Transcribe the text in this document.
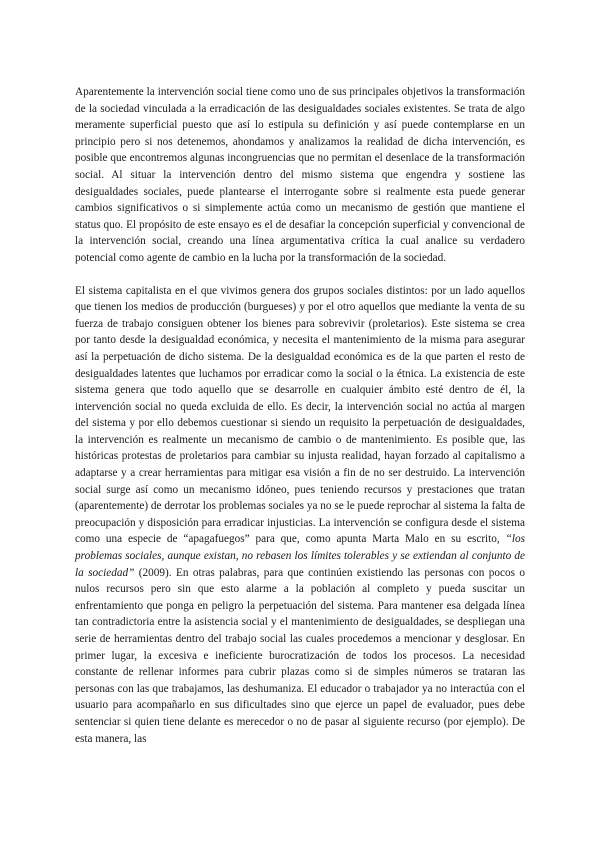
Aparentemente la intervención social tiene como uno de sus principales objetivos la transformación de la sociedad vinculada a la erradicación de las desigualdades sociales existentes. Se trata de algo meramente superficial puesto que así lo estipula su definición y así puede contemplarse en un principio pero si nos detenemos, ahondamos y analizamos la realidad de dicha intervención, es posible que encontremos algunas incongruencias que no permitan el desenlace de la transformación social. Al situar la intervención dentro del mismo sistema que engendra y sostiene las desigualdades sociales, puede plantearse el interrogante sobre si realmente esta puede generar cambios significativos o si simplemente actúa como un mecanismo de gestión que mantiene el status quo. El propósito de este ensayo es el de desafiar la concepción superficial y convencional de la intervención social, creando una línea argumentativa crítica la cual analice su verdadero potencial como agente de cambio en la lucha por la transformación de la sociedad.

El sistema capitalista en el que vivimos genera dos grupos sociales distintos: por un lado aquellos que tienen los medios de producción (burgueses) y por el otro aquellos que mediante la venta de su fuerza de trabajo consiguen obtener los bienes para sobrevivir (proletarios). Este sistema se crea por tanto desde la desigualdad económica, y necesita el mantenimiento de la misma para asegurar así la perpetuación de dicho sistema. De la desigualdad económica es de la que parten el resto de desigualdades latentes que luchamos por erradicar como la social o la étnica. La existencia de este sistema genera que todo aquello que se desarrolle en cualquier ámbito esté dentro de él, la intervención social no queda excluida de ello. Es decir, la intervención social no actúa al margen del sistema y por ello debemos cuestionar si siendo un requisito la perpetuación de desigualdades, la intervención es realmente un mecanismo de cambio o de mantenimiento. Es posible que, las históricas protestas de proletarios para cambiar su injusta realidad, hayan forzado al capitalismo a adaptarse y a crear herramientas para mitigar esa visión a fin de no ser destruido. La intervención social surge así como un mecanismo idóneo, pues teniendo recursos y prestaciones que tratan (aparentemente) de derrotar los problemas sociales ya no se le puede reprochar al sistema la falta de preocupación y disposición para erradicar injusticias. La intervención se configura desde el sistema como una especie de “apagafuegos” para que, como apunta Marta Malo en su escrito, “los problemas sociales, aunque existan, no rebasen los límites tolerables y se extiendan al conjunto de la sociedad” (2009). En otras palabras, para que continúen existiendo las personas con pocos o nulos recursos pero sin que esto alarme a la población al completo y pueda suscitar un enfrentamiento que ponga en peligro la perpetuación del sistema. Para mantener esa delgada línea tan contradictoria entre la asistencia social y el mantenimiento de desigualdades, se despliegan una serie de herramientas dentro del trabajo social las cuales procedemos a mencionar y desglosar. En primer lugar, la excesiva e ineficiente burocratización de todos los procesos. La necesidad constante de rellenar informes para cubrir plazas como si de simples números se trataran las personas con las que trabajamos, las deshumaniza. El educador o trabajador ya no interactúa con el usuario para acompañarlo en sus dificultades sino que ejerce un papel de evaluador, pues debe sentenciar si quien tiene delante es merecedor o no de pasar al siguiente recurso (por ejemplo). De esta manera, las
